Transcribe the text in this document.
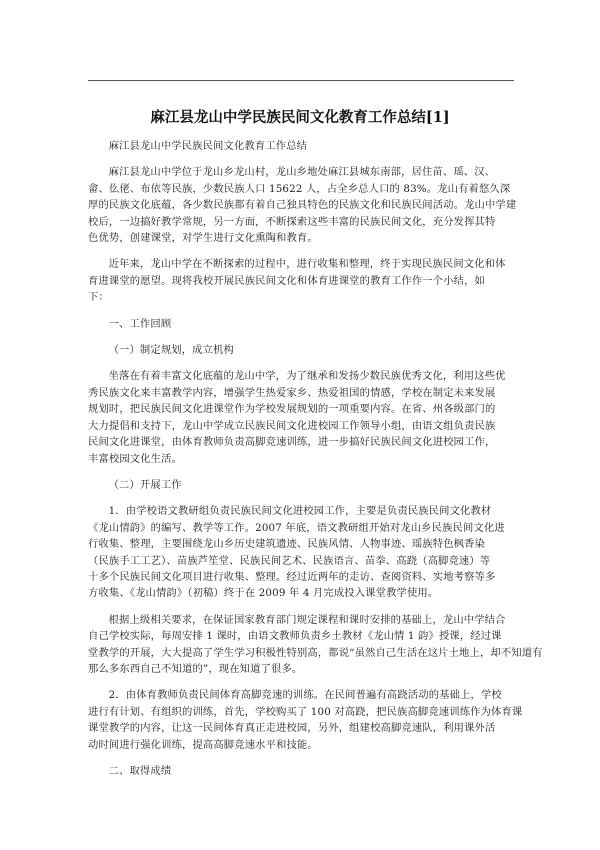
麻江县龙山中学民族民间文化教育工作总结[1]

麻江县龙山中学民族民间文化教育工作总结

麻江县龙山中学位于龙山乡龙山村，龙山乡地处麻江县城东南部，居住苗、瑶、汉、
畲、仫佬、布依等民族，少数民族人口 15622 人，占全乡总人口的 83%。龙山有着悠久深
厚的民族文化底蕴，各少数民族都有着自己独具特色的民族文化和民族民间活动。龙山中学建
校后，一边搞好教学常规，另一方面，不断探索这些丰富的民族民间文化，充分发挥其特
色优势，创建课堂，对学生进行文化熏陶和教育。

近年来，龙山中学在不断探索的过程中，进行收集和整理，终于实现民族民间文化和体
育进课堂的愿望。现将我校开展民族民间文化和体育进课堂的教育工作作一个小结，如
下：

一、工作回顾

（一）制定规划，成立机构

坐落在有着丰富文化底蕴的龙山中学，为了继承和发扬少数民族优秀文化，利用这些优
秀民族文化来丰富教学内容，增强学生热爱家乡、热爱祖国的情感，学校在制定未来发展
规划时，把民族民间文化进课堂作为学校发展规划的一项重要内容。在省、州各级部门的
大力提倡和支持下，龙山中学成立民族民间文化进校园工作领导小组，由语文组负责民族
民间文化进课堂，由体育教师负责高脚竞速训练，进一步搞好民族民间文化进校园工作，
丰富校园文化生活。

（二）开展工作

1．由学校语文教研组负责民族民间文化进校园工作，主要是负责民族民间文化教材
《龙山情韵》的编写、教学等工作。2007 年底，语文教研组开始对龙山乡民族民间文化进
行收集、整理，主要围绕龙山乡历史建筑遗迹、民族风情、人物事迹、瑶族特色枫香染
（民族手工工艺）、苗族芦笙堂、民族民间艺术、民族语言、苗拳、高跷（高脚竞速）等
十多个民族民间文化项目进行收集、整理。经过近两年的走访、查阅资料、实地考察等多
方收集、《龙山情韵》（初稿）终于在 2009 年 4 月完成投入课堂教学使用。

根据上级相关要求，在保证国家教育部门规定课程和课时安排的基础上，龙山中学结合
自己学校实际，每周安排 1 课时，由语文教师负责乡土教材《龙山情 1 韵》授课，经过课
堂教学的开展，大大提高了学生学习积极性特别高，都说“虽然自己生活在这片土地上，却不知道有
那么多东西自己不知道的”，现在知道了很多。

2．由体育教师负责民间体育高脚竞速的训练。在民间普遍有高跷活动的基础上，学校
进行有计划、有组织的训练，首先，学校购买了 100 对高跷，把民族高脚竞速训练作为体育课
课堂教学的内容，让这一民间体育真正走进校园，另外，组建校高脚竞速队，利用课外活
动时间进行强化训练，提高高脚竞速水平和技能。

二、取得成绩
